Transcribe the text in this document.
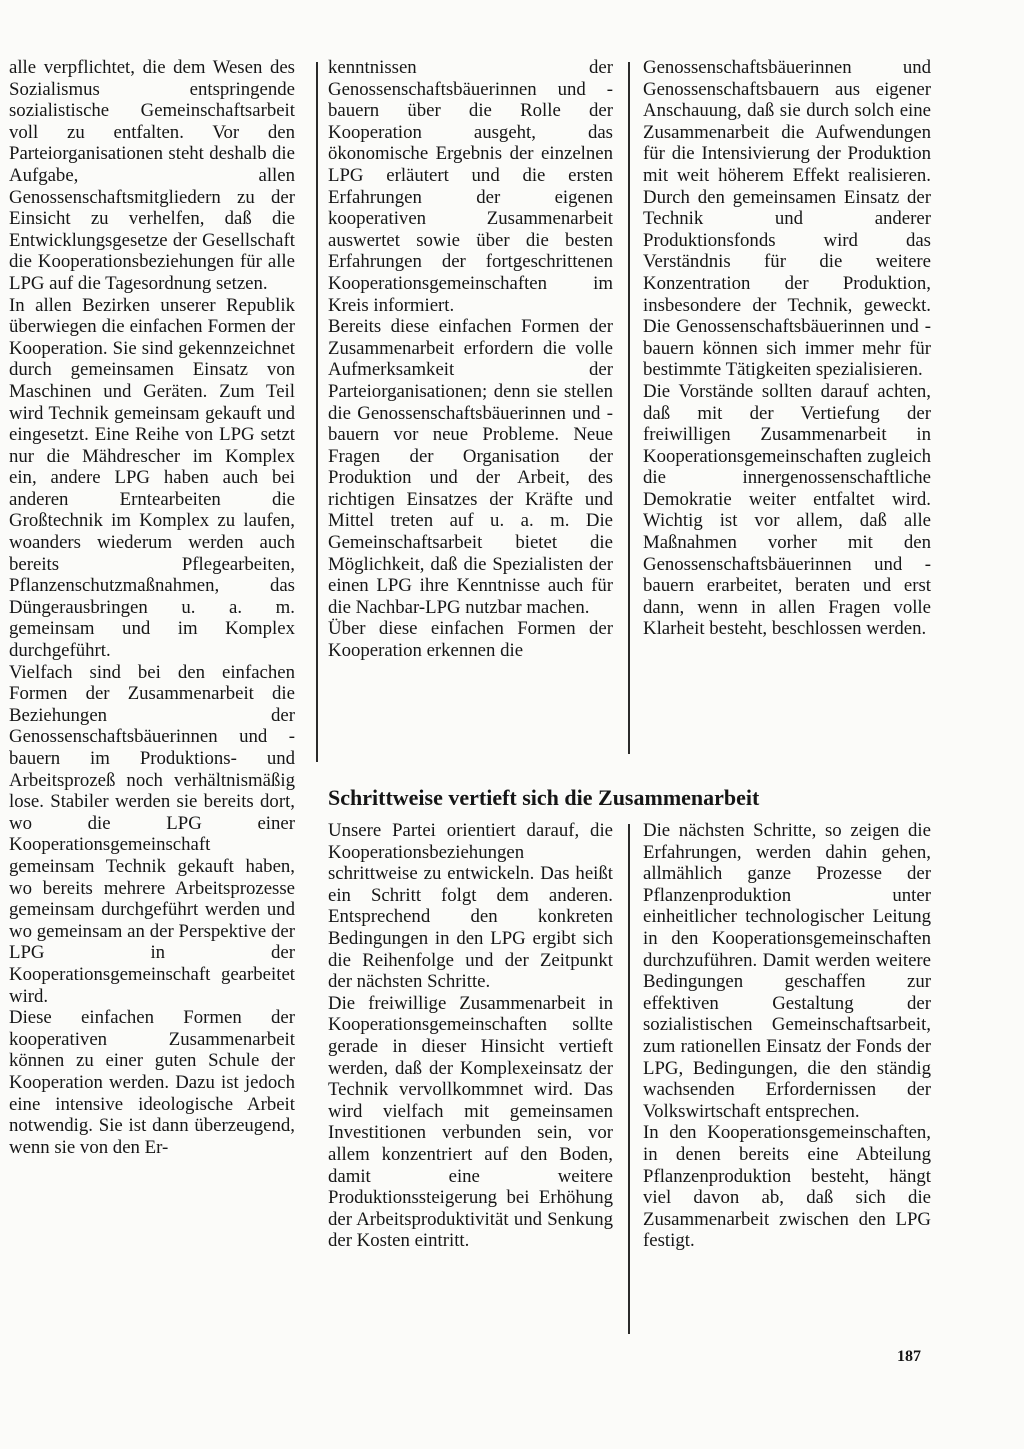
alle verpflichtet, die dem Wesen des Sozialismus entspringende sozialistische Gemeinschaftsarbeit voll zu entfalten. Vor den Parteiorganisationen steht deshalb die Aufgabe, allen Genossenschaftsmitgliedern zu der Einsicht zu verhelfen, daß die Entwicklungsgesetze der Gesellschaft die Kooperationsbeziehungen für alle LPG auf die Tagesordnung setzen.

In allen Bezirken unserer Republik überwiegen die einfachen Formen der Kooperation. Sie sind gekennzeichnet durch gemeinsamen Einsatz von Maschinen und Geräten. Zum Teil wird Technik gemeinsam gekauft und eingesetzt. Eine Reihe von LPG setzt nur die Mähdrescher im Komplex ein, andere LPG haben auch bei anderen Erntearbeiten die Großtechnik im Komplex zu laufen, woanders wiederum werden auch bereits Pflegearbeiten, Pflanzenschutzmaßnahmen, das Düngerausbringen u. a. m. gemeinsam und im Komplex durchgeführt.

Vielfach sind bei den einfachen Formen der Zusammenarbeit die Beziehungen der Genossenschaftsbäuerinnen und -bauern im Produktions- und Arbeitsprozeß noch verhältnismäßig lose. Stabiler werden sie bereits dort, wo die LPG einer Kooperationsgemeinschaft gemeinsam Technik gekauft haben, wo bereits mehrere Arbeitsprozesse gemeinsam durchgeführt werden und wo gemeinsam an der Perspektive der LPG in der Kooperationsgemeinschaft gearbeitet wird.

Diese einfachen Formen der kooperativen Zusammenarbeit können zu einer guten Schule der Kooperation werden. Dazu ist jedoch eine intensive ideologische Arbeit notwendig. Sie ist dann überzeugend, wenn sie von den Er-

kenntnissen der Genossenschaftsbäuerinnen und -bauern über die Rolle der Kooperation ausgeht, das ökonomische Ergebnis der einzelnen LPG erläutert und die ersten Erfahrungen der eigenen kooperativen Zusammenarbeit auswertet sowie über die besten Erfahrungen der fortgeschrittenen Kooperationsgemeinschaften im Kreis informiert.

Bereits diese einfachen Formen der Zusammenarbeit erfordern die volle Aufmerksamkeit der Parteiorganisationen; denn sie stellen die Genossenschaftsbäuerinnen und -bauern vor neue Probleme. Neue Fragen der Organisation der Produktion und der Arbeit, des richtigen Einsatzes der Kräfte und Mittel treten auf u. a. m. Die Gemeinschaftsarbeit bietet die Möglichkeit, daß die Spezialisten der einen LPG ihre Kenntnisse auch für die Nachbar-LPG nutzbar machen.

Über diese einfachen Formen der Kooperation erkennen die

Genossenschaftsbäuerinnen und Genossenschaftsbauern aus eigener Anschauung, daß sie durch solch eine Zusammenarbeit die Aufwendungen für die Intensivierung der Produktion mit weit höherem Effekt realisieren. Durch den gemeinsamen Einsatz der Technik und anderer Produktionsfonds wird das Verständnis für die weitere Konzentration der Produktion, insbesondere der Technik, geweckt. Die Genossenschaftsbäuerinnen und -bauern können sich immer mehr für bestimmte Tätigkeiten spezialisieren.

Die Vorstände sollten darauf achten, daß mit der Vertiefung der freiwilligen Zusammenarbeit in Kooperationsgemeinschaften zugleich die innergenossenschaftliche Demokratie weiter entfaltet wird. Wichtig ist vor allem, daß alle Maßnahmen vorher mit den Genossenschaftsbäuerinnen und -bauern erarbeitet, beraten und erst dann, wenn in allen Fragen volle Klarheit besteht, beschlossen werden.

Schrittweise vertieft sich die Zusammenarbeit

Unsere Partei orientiert darauf, die Kooperationsbeziehungen schrittweise zu entwickeln. Das heißt ein Schritt folgt dem anderen. Entsprechend den konkreten Bedingungen in den LPG ergibt sich die Reihenfolge und der Zeitpunkt der nächsten Schritte.

Die freiwillige Zusammenarbeit in Kooperationsgemeinschaften sollte gerade in dieser Hinsicht vertieft werden, daß der Komplexeinsatz der Technik vervollkommnet wird. Das wird vielfach mit gemeinsamen Investitionen verbunden sein, vor allem konzentriert auf den Boden, damit eine weitere Produktionssteigerung bei Erhöhung der Arbeitsproduktivität und Senkung der Kosten eintritt.

Die nächsten Schritte, so zeigen die Erfahrungen, werden dahin gehen, allmählich ganze Prozesse der Pflanzenproduktion unter einheitlicher technologischer Leitung in den Kooperationsgemeinschaften durchzuführen. Damit werden weitere Bedingungen geschaffen zur effektiven Gestaltung der sozialistischen Gemeinschaftsarbeit, zum rationellen Einsatz der Fonds der LPG, Bedingungen, die den ständig wachsenden Erfordernissen der Volkswirtschaft entsprechen.

In den Kooperationsgemeinschaften, in denen bereits eine Abteilung Pflanzenproduktion besteht, hängt viel davon ab, daß sich die Zusammenarbeit zwischen den LPG festigt.

187
